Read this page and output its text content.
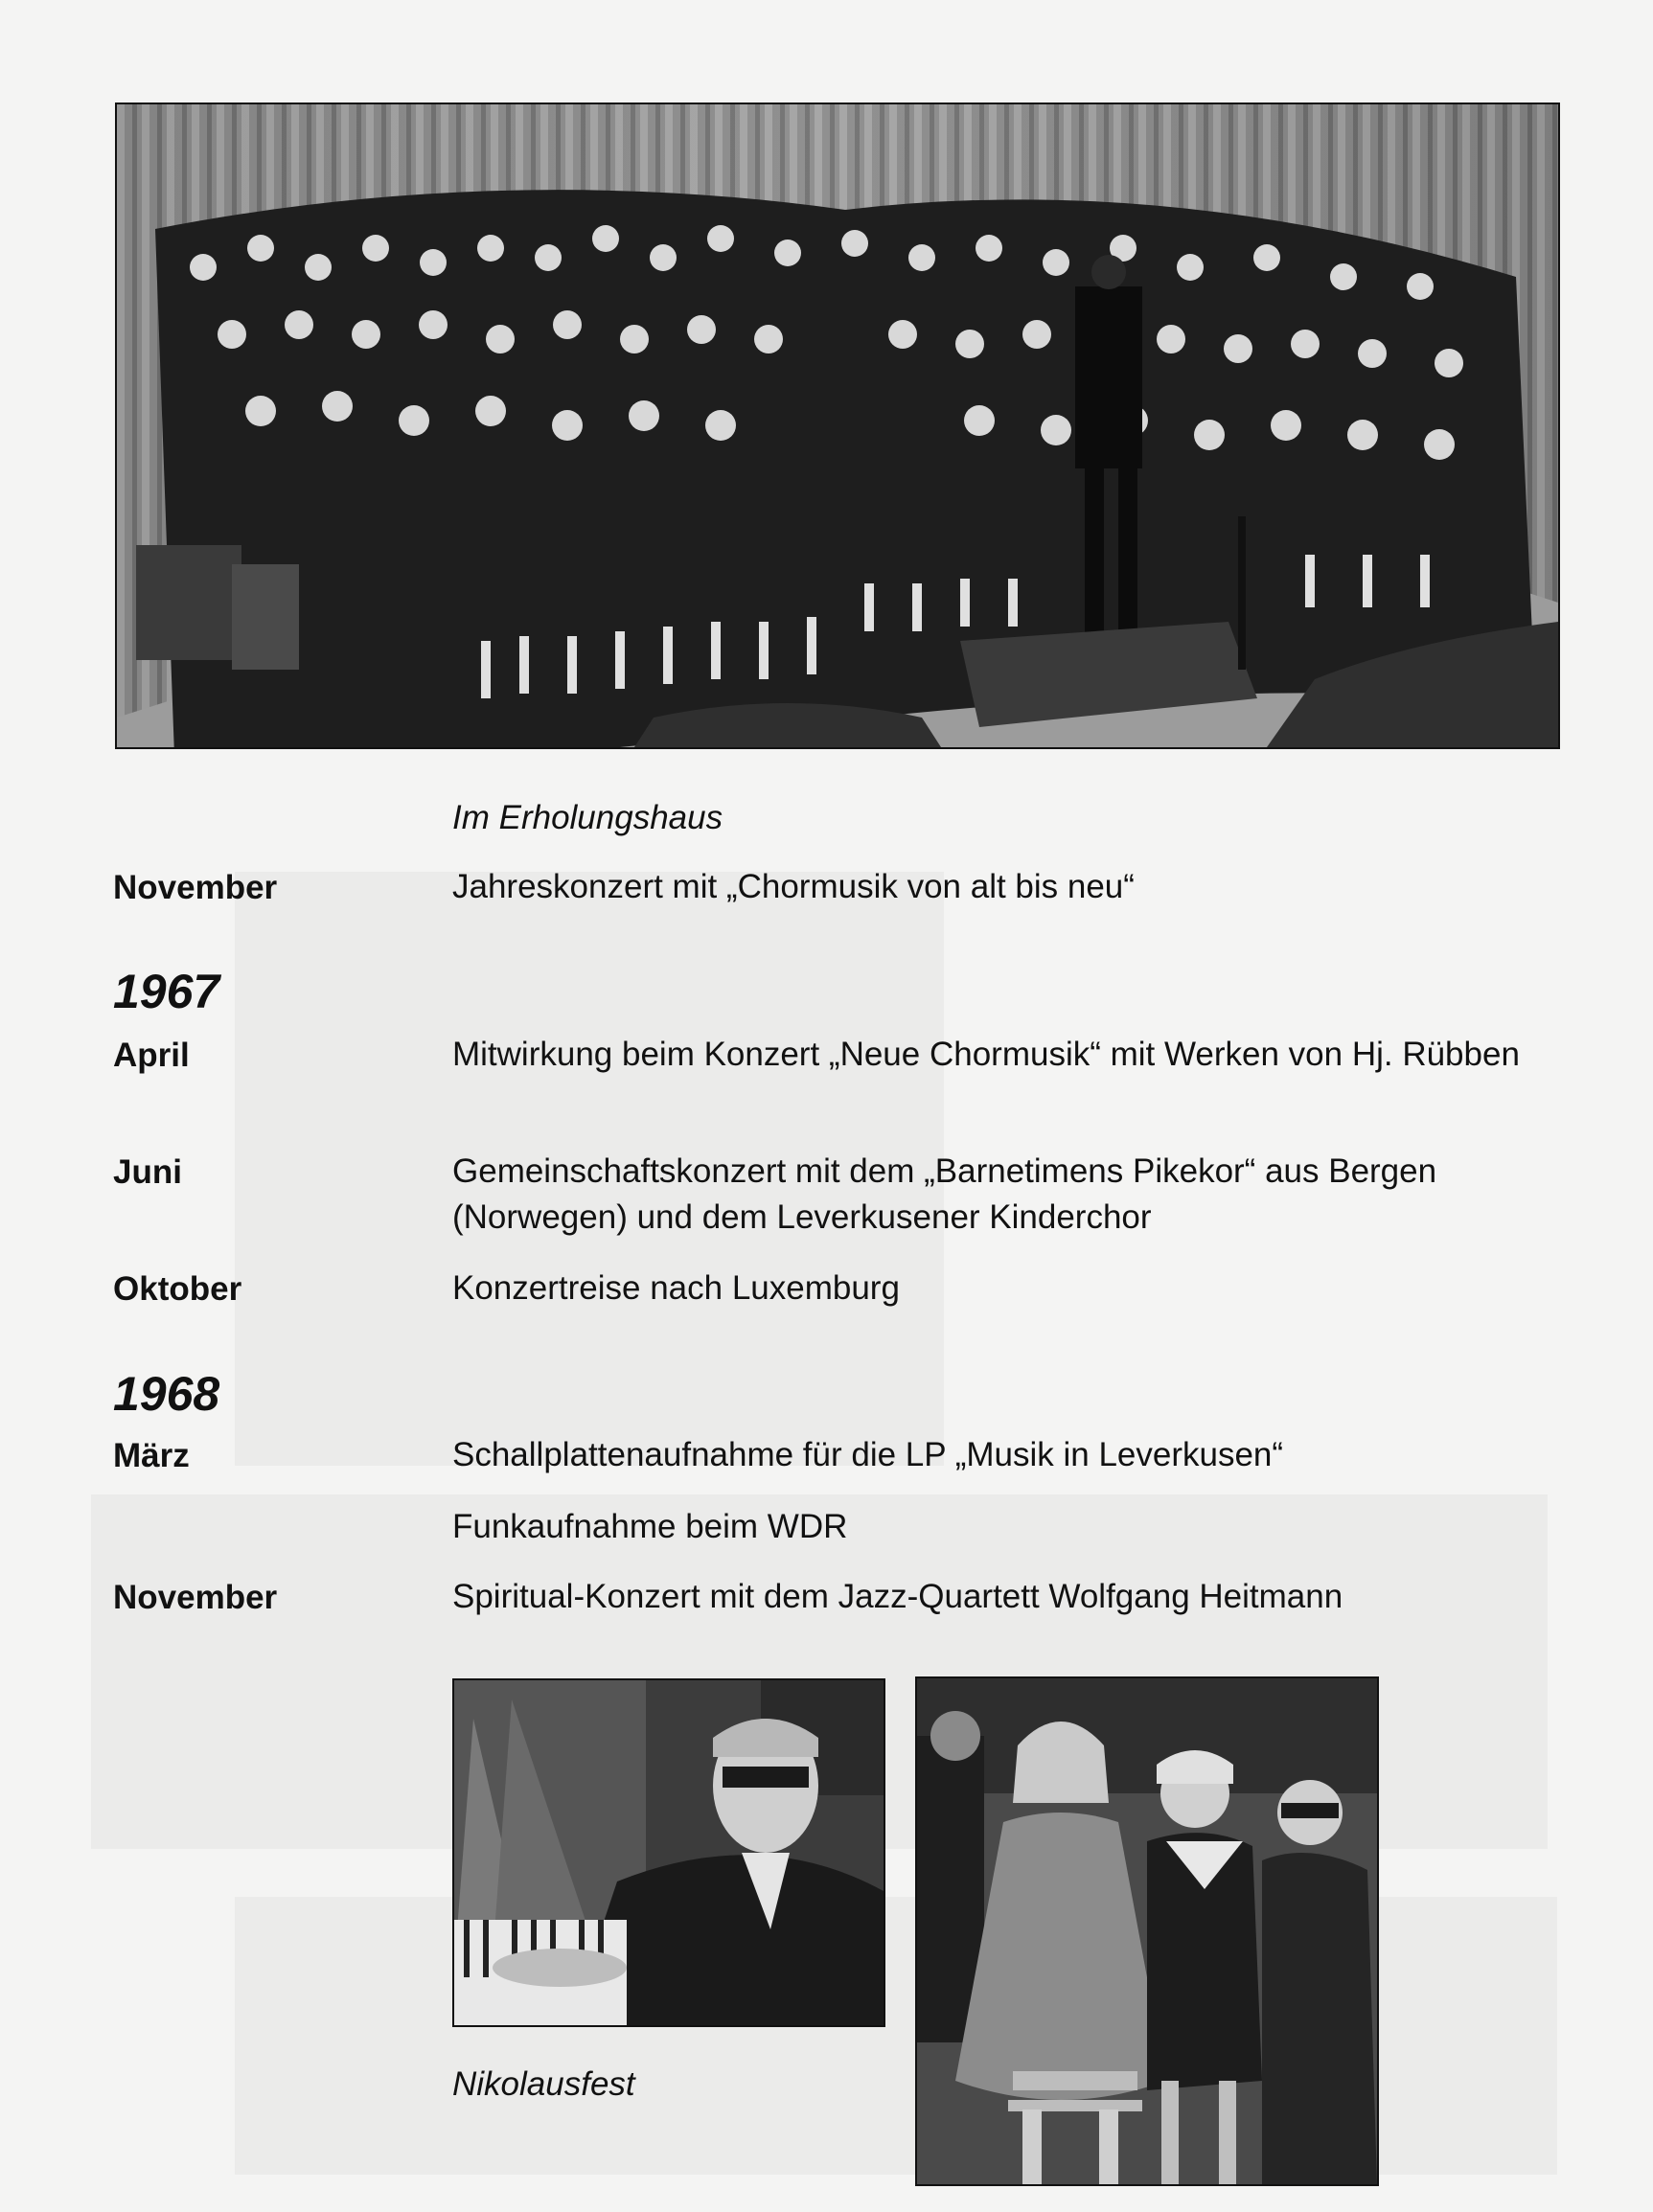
Im Erholungshaus
November	Jahreskonzert mit „Chormusik von alt bis neu“
1967
April	Mitwirkung beim Konzert „Neue Chormusik“ mit Werken von Hj. Rübben
Juni	Gemeinschaftskonzert mit dem „Barnetimens Pikekor“ aus Bergen (Norwegen) und dem Leverkusener Kinderchor
Oktober	Konzertreise nach Luxemburg
1968
März	Schallplattenaufnahme für die LP „Musik in Leverkusen“
Funkaufnahme beim WDR
November	Spiritual-Konzert mit dem Jazz-Quartett Wolfgang Heitmann
Nikolausfest
